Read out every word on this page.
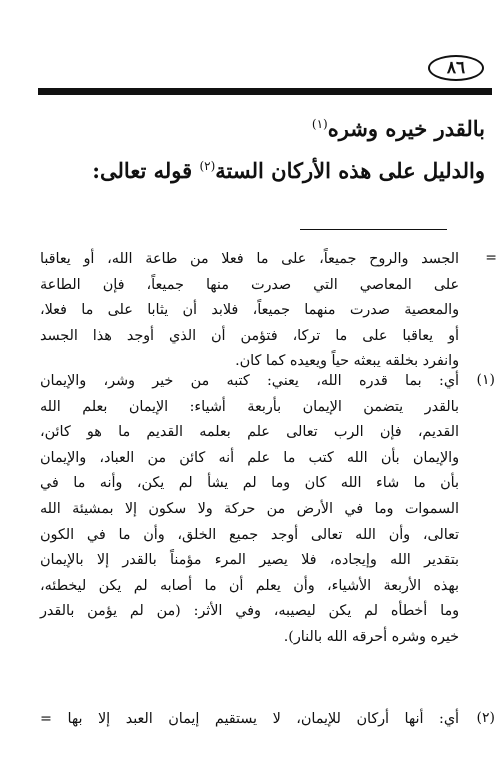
٨٦
بالقدر خيره وشره$^{(١)}$
والدليل على هذه الأركان الستة$^{(٢)}$ قوله تعالى:
=
الجسد والروح جميعاً، على ما فعلا من طاعة الله، أو يعاقبا
على المعاصي التي صدرت منها جميعاً، فإن الطاعة
والمعصية صدرت منهما جميعاً، فلابد أن يثابا على ما فعلا،
أو يعاقبا على ما تركا، فتؤمن أن الذي أوجد هذا الجسد
وانفرد بخلقه يبعثه حياً ويعيده كما كان.
(١)
أي: بما قدره الله، يعني: كتبه من خير وشر، والإيمان
بالقدر يتضمن الإيمان بأربعة أشياء: الإيمان بعلم الله
القديم، فإن الرب تعالى علم بعلمه القديم ما هو كائن،
والإيمان بأن الله كتب ما علم أنه كائن من العباد، والإيمان
بأن ما شاء الله كان وما لم يشأ لم يكن، وأنه ما في
السموات وما في الأرض من حركة ولا سكون إلا بمشيئة الله
تعالى، وأن الله تعالى أوجد جميع الخلق، وأن ما في الكون
بتقدير الله وإيجاده، فلا يصير المرء مؤمناً بالقدر إلا بالإيمان
بهذه الأربعة الأشياء، وأن يعلم أن ما أصابه لم يكن ليخطئه،
وما أخطأه لم يكن ليصيبه، وفي الأثر: (من لم يؤمن بالقدر
خيره وشره أحرقه الله بالنار).
(٢)
أي: أنها أركان للإيمان، لا يستقيم إيمان العبد إلا بها =
